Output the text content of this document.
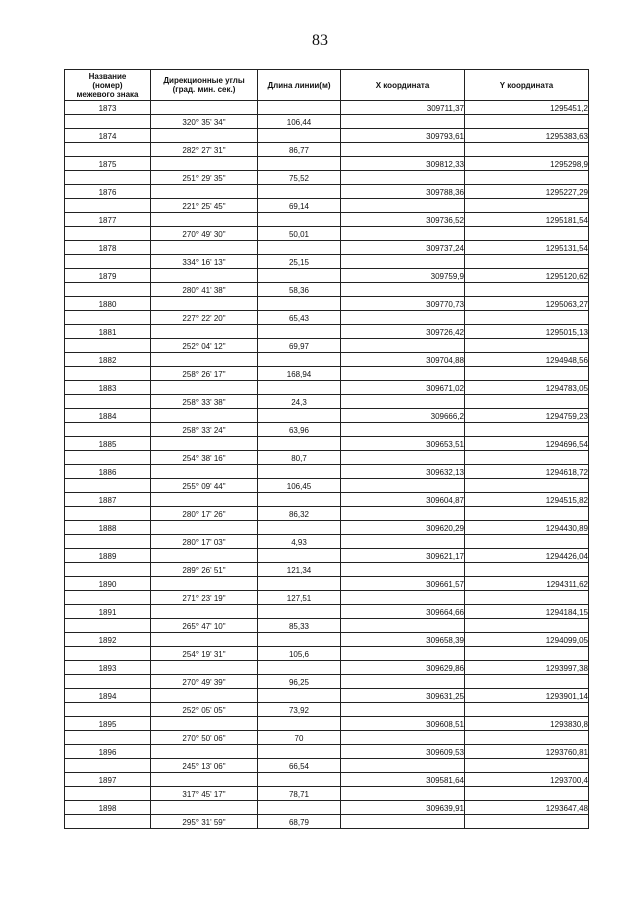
83
Название
(номер)
межевого знака	Дирекционные углы
(град. мин. сек.)	Длина линии(м)	X координата	Y координата
1873			309711,37	1295451,2
	320° 35' 34"	106,44		
1874			309793,61	1295383,63
	282° 27' 31"	86,77		
1875			309812,33	1295298,9
	251° 29' 35"	75,52		
1876			309788,36	1295227,29
	221° 25' 45"	69,14		
1877			309736,52	1295181,54
	270° 49' 30"	50,01		
1878			309737,24	1295131,54
	334° 16' 13"	25,15		
1879			309759,9	1295120,62
	280° 41' 38"	58,36		
1880			309770,73	1295063,27
	227° 22' 20"	65,43		
1881			309726,42	1295015,13
	252° 04' 12"	69,97		
1882			309704,88	1294948,56
	258° 26' 17"	168,94		
1883			309671,02	1294783,05
	258° 33' 38"	24,3		
1884			309666,2	1294759,23
	258° 33' 24"	63,96		
1885			309653,51	1294696,54
	254° 38' 16"	80,7		
1886			309632,13	1294618,72
	255° 09' 44"	106,45		
1887			309604,87	1294515,82
	280° 17' 26"	86,32		
1888			309620,29	1294430,89
	280° 17' 03"	4,93		
1889			309621,17	1294426,04
	289° 26' 51"	121,34		
1890			309661,57	1294311,62
	271° 23' 19"	127,51		
1891			309664,66	1294184,15
	265° 47' 10"	85,33		
1892			309658,39	1294099,05
	254° 19' 31"	105,6		
1893			309629,86	1293997,38
	270° 49' 39"	96,25		
1894			309631,25	1293901,14
	252° 05' 05"	73,92		
1895			309608,51	1293830,8
	270° 50' 06"	70		
1896			309609,53	1293760,81
	245° 13' 06"	66,54		
1897			309581,64	1293700,4
	317° 45' 17"	78,71		
1898			309639,91	1293647,48
	295° 31' 59"	68,79		
